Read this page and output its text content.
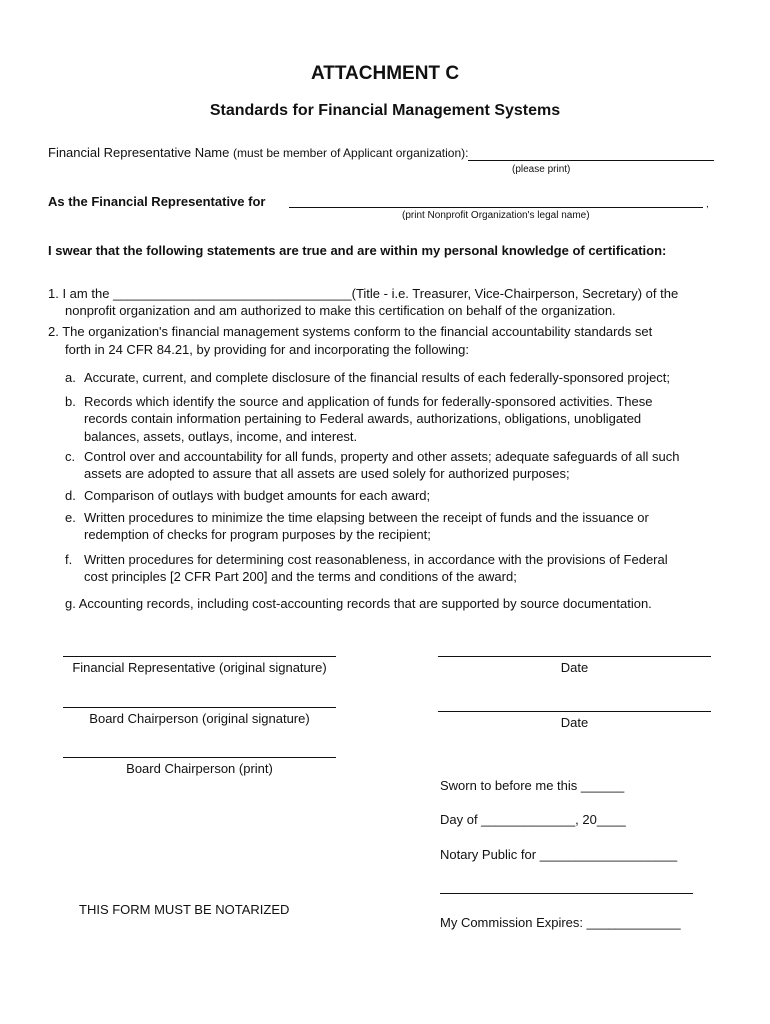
ATTACHMENT C
Standards for Financial Management Systems
Financial Representative Name (must be member of Applicant organization):
(please print)
As the Financial Representative for	,
(print Nonprofit Organization's legal name)
I swear that the following statements are true and are within my personal knowledge of certification:
1. I am the _________________________________(Title - i.e. Treasurer, Vice-Chairperson, Secretary) of the
nonprofit organization and am authorized to make this certification on behalf of the organization.
2. The organization's financial management systems conform to the financial accountability standards set
forth in 24 CFR 84.21, by providing for and incorporating the following:
a. Accurate, current, and complete disclosure of the financial results of each federally-sponsored project;
b. Records which identify the source and application of funds for federally-sponsored activities. These
records contain information pertaining to Federal awards, authorizations, obligations, unobligated
balances, assets, outlays, income, and interest.
c. Control over and accountability for all funds, property and other assets; adequate safeguards of all such
assets are adopted to assure that all assets are used solely for authorized purposes;
d. Comparison of outlays with budget amounts for each award;
e. Written procedures to minimize the time elapsing between the receipt of funds and the issuance or
redemption of checks for program purposes by the recipient;
f. Written procedures for determining cost reasonableness, in accordance with the provisions of Federal
cost principles [2 CFR Part 200] and the terms and conditions of the award;
g. Accounting records, including cost-accounting records that are supported by source documentation.
Financial Representative (original signature)
Board Chairperson (original signature)
Board Chairperson (print)
Date
Date
Sworn to before me this ______
Day of _____________, 20____
Notary Public for ___________________
My Commission Expires: _____________
THIS FORM MUST BE NOTARIZED
